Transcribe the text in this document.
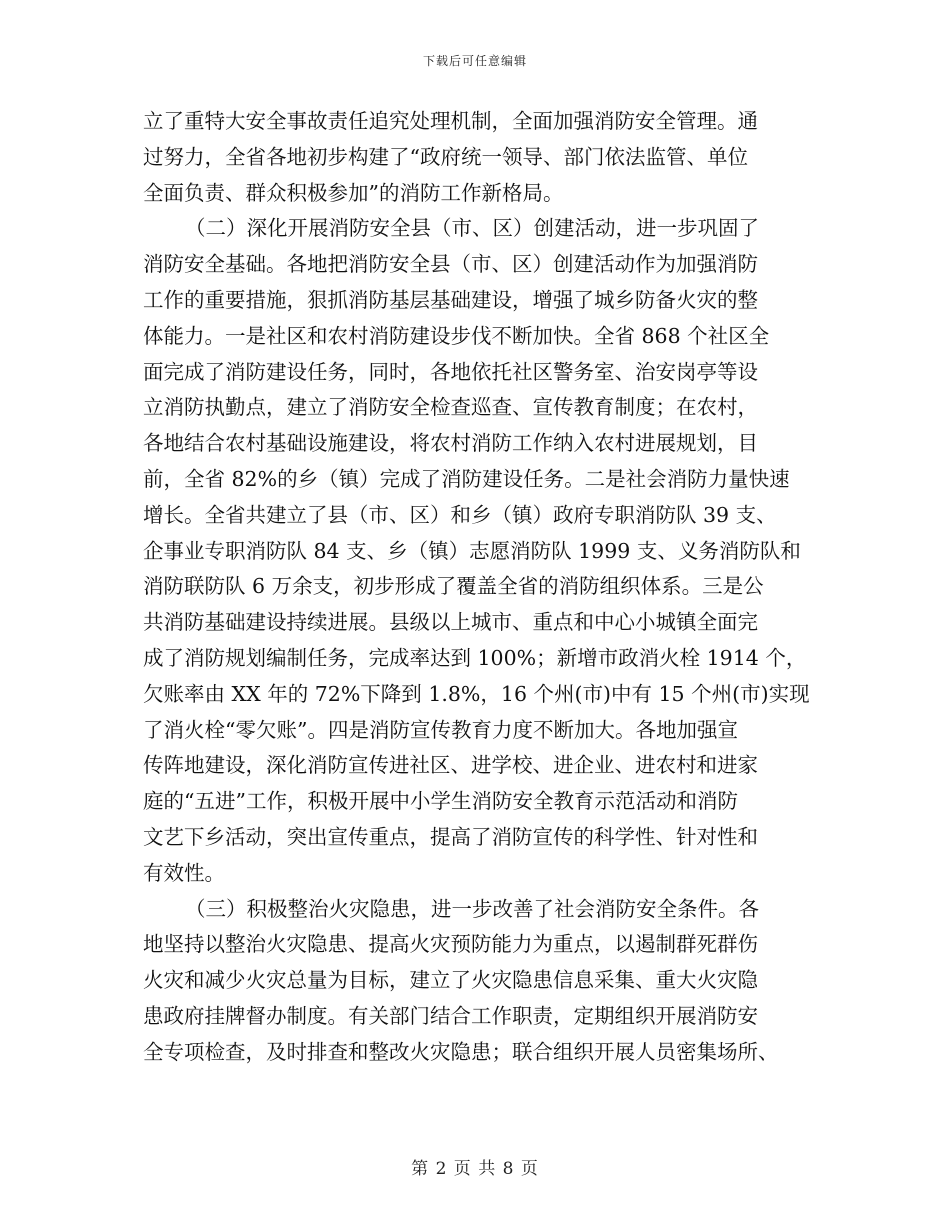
下载后可任意编辑
立了重特大安全事故责任追究处理机制，全面加强消防安全管理。通
过努力，全省各地初步构建了“政府统一领导、部门依法监管、单位
全面负责、群众积极参加”的消防工作新格局。
（二）深化开展消防安全县（市、区）创建活动，进一步巩固了
消防安全基础。各地把消防安全县（市、区）创建活动作为加强消防
工作的重要措施，狠抓消防基层基础建设，增强了城乡防备火灾的整
体能力。一是社区和农村消防建设步伐不断加快。全省 868 个社区全
面完成了消防建设任务，同时，各地依托社区警务室、治安岗亭等设
立消防执勤点，建立了消防安全检查巡查、宣传教育制度；在农村，
各地结合农村基础设施建设，将农村消防工作纳入农村进展规划，目
前，全省 82%的乡（镇）完成了消防建设任务。二是社会消防力量快速
增长。全省共建立了县（市、区）和乡（镇）政府专职消防队 39 支、
企事业专职消防队 84 支、乡（镇）志愿消防队 1999 支、义务消防队和
消防联防队 6 万余支，初步形成了覆盖全省的消防组织体系。三是公
共消防基础建设持续进展。县级以上城市、重点和中心小城镇全面完
成了消防规划编制任务，完成率达到 100%；新增市政消火栓 1914 个，
欠账率由 XX 年的 72%下降到 1.8%，16 个州(市)中有 15 个州(市)实现
了消火栓“零欠账”。四是消防宣传教育力度不断加大。各地加强宣
传阵地建设，深化消防宣传进社区、进学校、进企业、进农村和进家
庭的“五进”工作，积极开展中小学生消防安全教育示范活动和消防
文艺下乡活动，突出宣传重点，提高了消防宣传的科学性、针对性和
有效性。
（三）积极整治火灾隐患，进一步改善了社会消防安全条件。各
地坚持以整治火灾隐患、提高火灾预防能力为重点，以遏制群死群伤
火灾和减少火灾总量为目标，建立了火灾隐患信息采集、重大火灾隐
患政府挂牌督办制度。有关部门结合工作职责，定期组织开展消防安
全专项检查，及时排查和整改火灾隐患；联合组织开展人员密集场所、
第 2 页 共 8 页
